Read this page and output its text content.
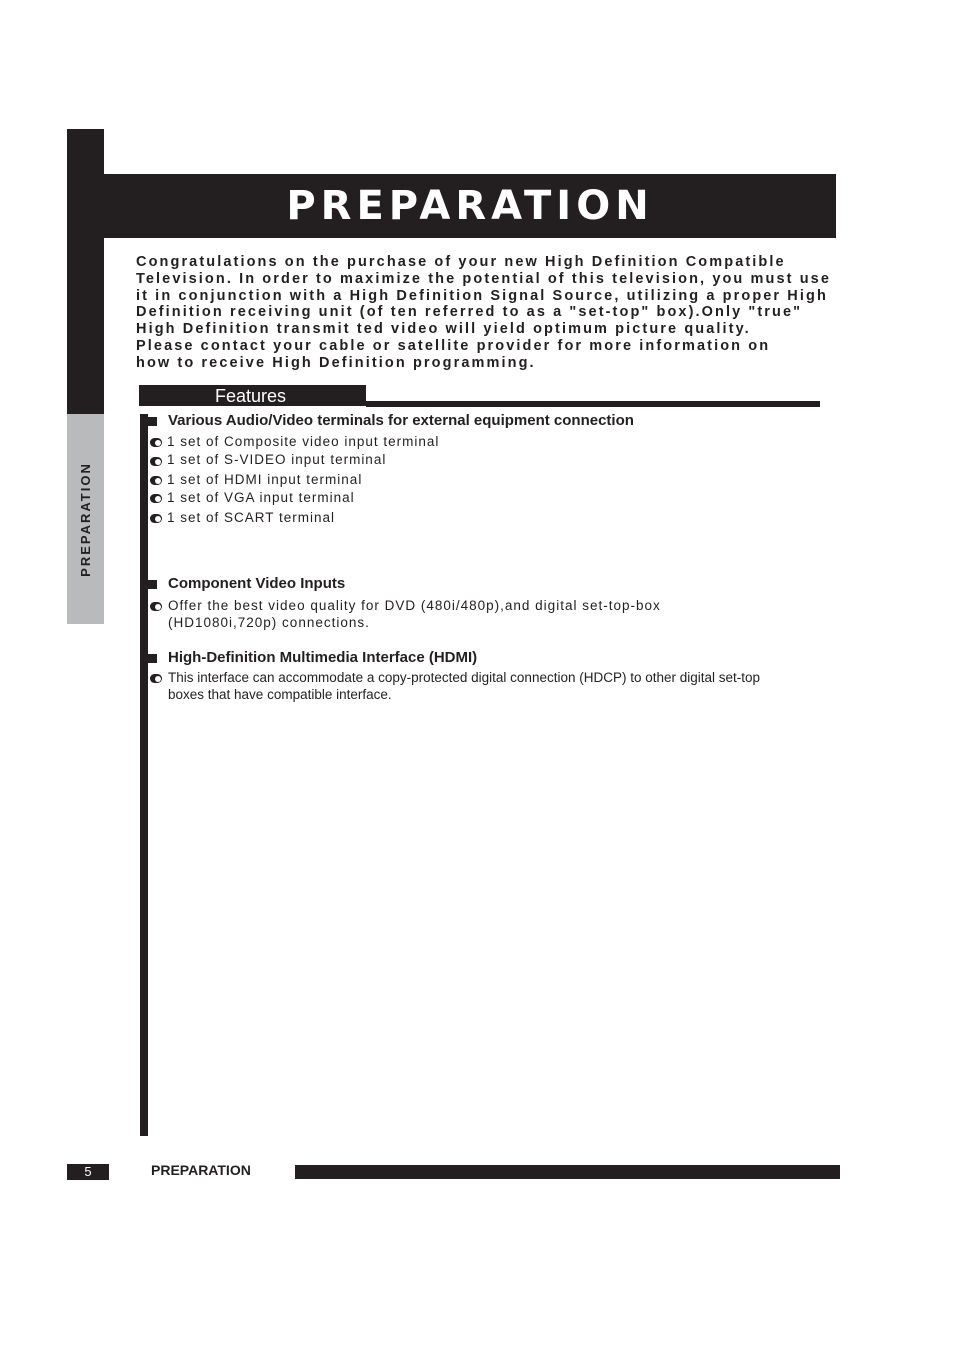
PREPARATION
PREPARATION
Congratulations on the purchase of your new High Definition Compatible
Television. In order to maximize the potential of this television, you must use
it in conjunction with a High Definition Signal Source, utilizing a proper High
Definition receiving unit (of ten referred to as a "set-top" box).Only "true"
High Definition transmit ted video will yield optimum picture quality.
Please contact your cable or satellite provider for more information on
how to receive High Definition programming.
Features
Various Audio/Video terminals for external equipment connection
1 set of Composite video input terminal
1 set of S-VIDEO input terminal
1 set of HDMI input terminal
1 set of VGA input terminal
1 set of SCART terminal
Component Video Inputs
Offer the best video quality for DVD (480i/480p),and digital set-top-box
(HD1080i,720p) connections.
High-Definition Multimedia Interface (HDMI)
This interface can accommodate a copy-protected digital connection (HDCP) to other digital set-top
boxes that have compatible interface.
5	PREPARATION
